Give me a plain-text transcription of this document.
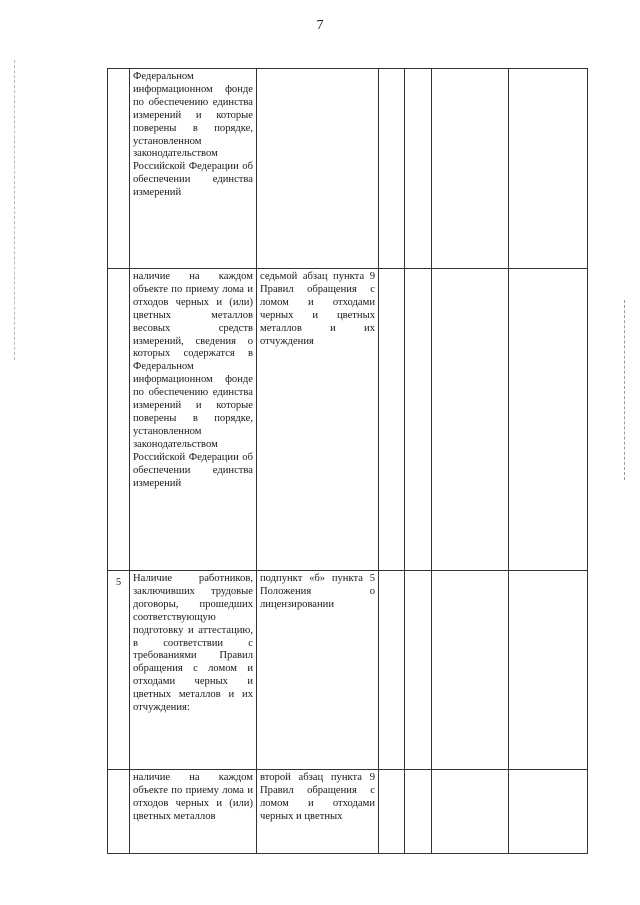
7
	Федеральном информационном фонде по обеспечению единства измерений и которые поверены в порядке, установленном законодательством Российской Федерации об обеспечении единства измерений					
	наличие на каждом объекте по приему лома и отходов черных и (или) цветных металлов весовых средств измерений, сведения о которых содержатся в Федеральном информационном фонде по обеспечению единства измерений и которые поверены в порядке, установленном законодательством Российской Федерации об обеспечении единства измерений	седьмой абзац пункта 9 Правил обращения с ломом и отходами черных и цветных металлов и их отчуждения				
5	Наличие работников, заключивших трудовые договоры, прошедших соответствующую подготовку и аттестацию, в соответствии с требованиями Правил обращения с ломом и отходами черных и цветных металлов и их отчуждения:	подпункт «б» пункта 5 Положения о лицензировании				
	наличие на каждом объекте по приему лома и отходов черных и (или) цветных металлов	второй абзац пункта 9 Правил обращения с ломом и отходами черных и цветных				
